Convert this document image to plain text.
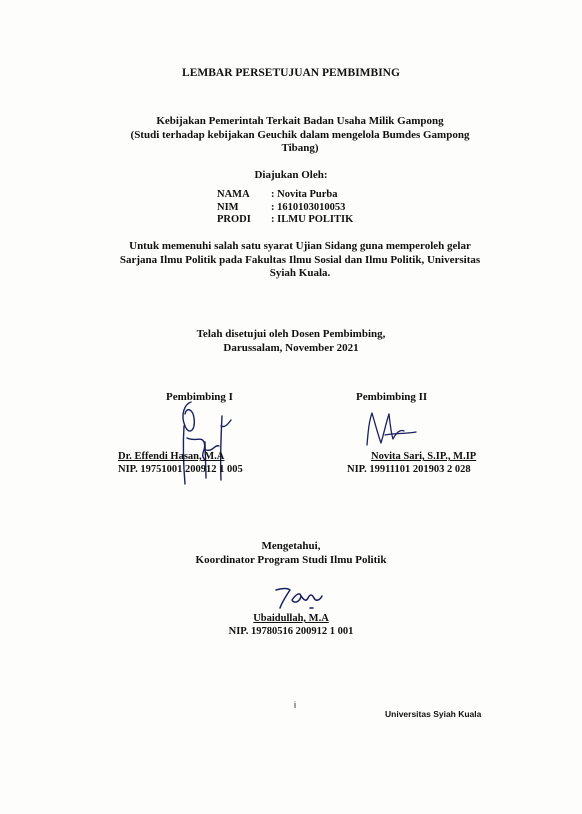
LEMBAR PERSETUJUAN PEMBIMBING
Kebijakan Pemerintah Terkait Badan Usaha Milik Gampong
(Studi terhadap kebijakan Geuchik dalam mengelola Bumdes Gampong
Tibang)
Diajukan Oleh:
NAMA	: Novita Purba
NIM	: 1610103010053
PRODI	: ILMU POLITIK
Untuk memenuhi salah satu syarat Ujian Sidang guna memperoleh gelar
Sarjana Ilmu Politik pada Fakultas Ilmu Sosial dan Ilmu Politik, Universitas
Syiah Kuala.
Telah disetujui oleh Dosen Pembimbing,
Darussalam, November 2021
Pembimbing I	Pembimbing II
Dr. Effendi Hasan, M.A
NIP. 19751001 200912 1 005
Novita Sari, S.IP., M.IP
NIP. 19911101 201903 2 028
Mengetahui,
Koordinator Program Studi Ilmu Politik
Ubaidullah, M.A
NIP. 19780516 200912 1 001
i
Universitas Syiah Kuala
